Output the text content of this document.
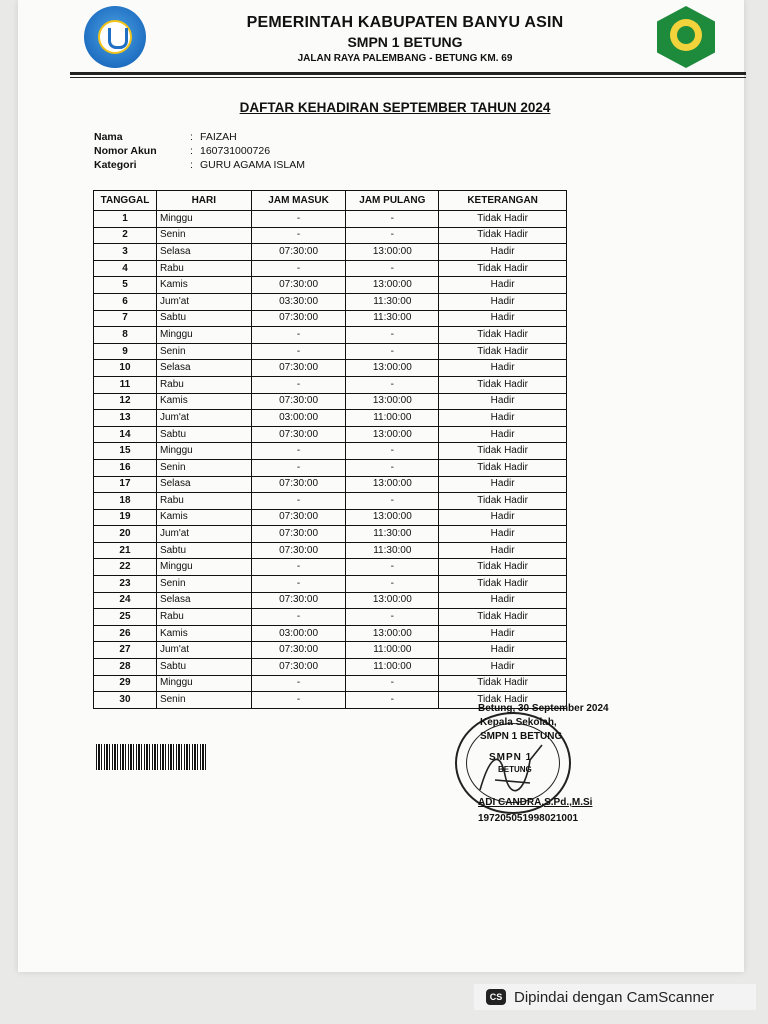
PEMERINTAH KABUPATEN BANYU ASIN
SMPN 1 BETUNG
JALAN RAYA PALEMBANG - BETUNG KM. 69
DAFTAR KEHADIRAN SEPTEMBER TAHUN 2024
Nama	: FAIZAH
Nomor Akun	: 160731000726
Kategori	: GURU AGAMA ISLAM
TANGGAL	HARI	JAM MASUK	JAM PULANG	KETERANGAN
1	Minggu	-	-	Tidak Hadir
2	Senin	-	-	Tidak Hadir
3	Selasa	07:30:00	13:00:00	Hadir
4	Rabu	-	-	Tidak Hadir
5	Kamis	07:30:00	13:00:00	Hadir
6	Jum'at	03:30:00	11:30:00	Hadir
7	Sabtu	07:30:00	11:30:00	Hadir
8	Minggu	-	-	Tidak Hadir
9	Senin	-	-	Tidak Hadir
10	Selasa	07:30:00	13:00:00	Hadir
11	Rabu	-	-	Tidak Hadir
12	Kamis	07:30:00	13:00:00	Hadir
13	Jum'at	03:00:00	11:00:00	Hadir
14	Sabtu	07:30:00	13:00:00	Hadir
15	Minggu	-	-	Tidak Hadir
16	Senin	-	-	Tidak Hadir
17	Selasa	07:30:00	13:00:00	Hadir
18	Rabu	-	-	Tidak Hadir
19	Kamis	07:30:00	13:00:00	Hadir
20	Jum'at	07:30:00	11:30:00	Hadir
21	Sabtu	07:30:00	11:30:00	Hadir
22	Minggu	-	-	Tidak Hadir
23	Senin	-	-	Tidak Hadir
24	Selasa	07:30:00	13:00:00	Hadir
25	Rabu	-	-	Tidak Hadir
26	Kamis	03:00:00	13:00:00	Hadir
27	Jum'at	07:30:00	11:00:00	Hadir
28	Sabtu	07:30:00	11:00:00	Hadir
29	Minggu	-	-	Tidak Hadir
30	Senin	-	-	Tidak Hadir
SMPN 1
BETUNG
Betung, 30 September 2024
Kepala Sekolah,
SMPN 1 BETUNG
ADI CANDRA,S.Pd.,M.Si
197205051998021001
CS Dipindai dengan CamScanner
